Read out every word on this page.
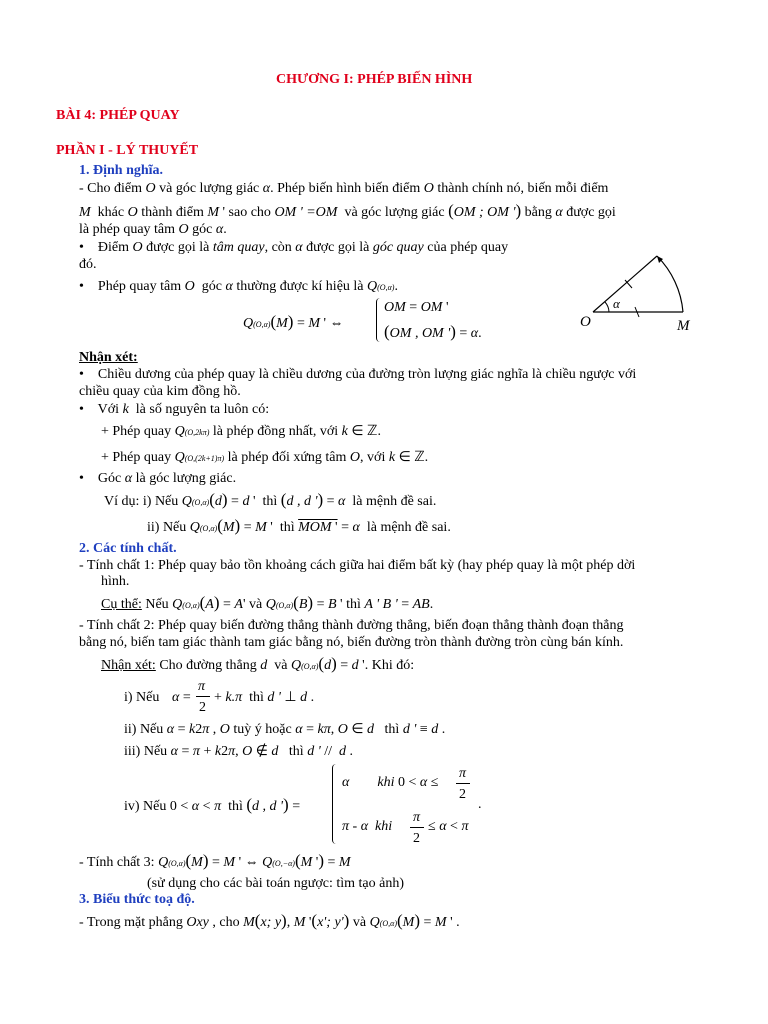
CHƯƠNG I: PHÉP BIẾN HÌNH
BÀI 4: PHÉP QUAY
PHẦN I - LÝ THUYẾT
1. Định nghĩa.
- Cho điểm O và góc lượng giác α. Phép biến hình biến điểm O thành chính nó, biến mỗi điểm
M khác O thành điểm M ' sao cho OM ' =OM và góc lượng giác (OM ; OM ') bằng α được gọi
là phép quay tâm O góc α.
•    Điểm O được gọi là tâm quay, còn α được gọi là góc quay của phép quay
đó.
•    Phép quay tâm O góc α thường được kí hiệu là Q(O,α).
Q(O,α)(M) = M ' ⇔
OM = OM '
(OM , OM ') = α.
α
O	M
Nhận xét:
•    Chiều dương của phép quay là chiều dương của đường tròn lượng giác nghĩa là chiều ngược với
chiều quay của kim đồng hồ.
•    Với k là số nguyên ta luôn có:
+ Phép quay Q(O,2kπ) là phép đồng nhất, với k ∈ ℤ.
+ Phép quay Q(O,(2k+1)π) là phép đối xứng tâm O, với k ∈ ℤ.
•    Góc α là góc lượng giác.
Ví dụ: i) Nếu Q(O,α)(d) = d '  thì (d , d ') = α là mệnh đề sai.
ii) Nếu Q(O,α)(M) = M '  thì MOM ' = α là mệnh đề sai.
2. Các tính chất.
- Tính chất 1: Phép quay bảo tồn khoảng cách giữa hai điểm bất kỳ (hay phép quay là một phép dời
hình.
Cụ thể: Nếu Q(O,α)(A) = A' và Q(O,α)(B) = B ' thì A ' B ' = AB.
- Tính chất 2: Phép quay biến đường thẳng thành đường thẳng, biến đoạn thẳng thành đoạn thẳng
bằng nó, biến tam giác thành tam giác bằng nó, biến đường tròn thành đường tròn cùng bán kính.
Nhận xét: Cho đường thẳng d và Q(O,α)(d) = d '. Khi đó:
i) Nếu α =
π
2
+ k.π thì d ' ⊥ d .
ii) Nếu α = k2π , O tuỳ ý hoặc α = kπ, O ∈ d thì d ' ≡ d .
iii) Nếu α = π + k2π, O ∉ d thì d ' //  d .
iv) Nếu 0 < α < π thì (d , d ') =
α khi 0 < α ≤
π
2
.
π - α khi
π
2
≤ α < π
- Tính chất 3: Q(O,α)(M) = M ' ⇔ Q(O,−α)(M ') = M
(sử dụng cho các bài toán ngược: tìm tạo ảnh)
3. Biểu thức toạ độ.
- Trong mặt phẳng Oxy , cho M(x; y), M '(x'; y') và Q(O,α)(M) = M ' .
